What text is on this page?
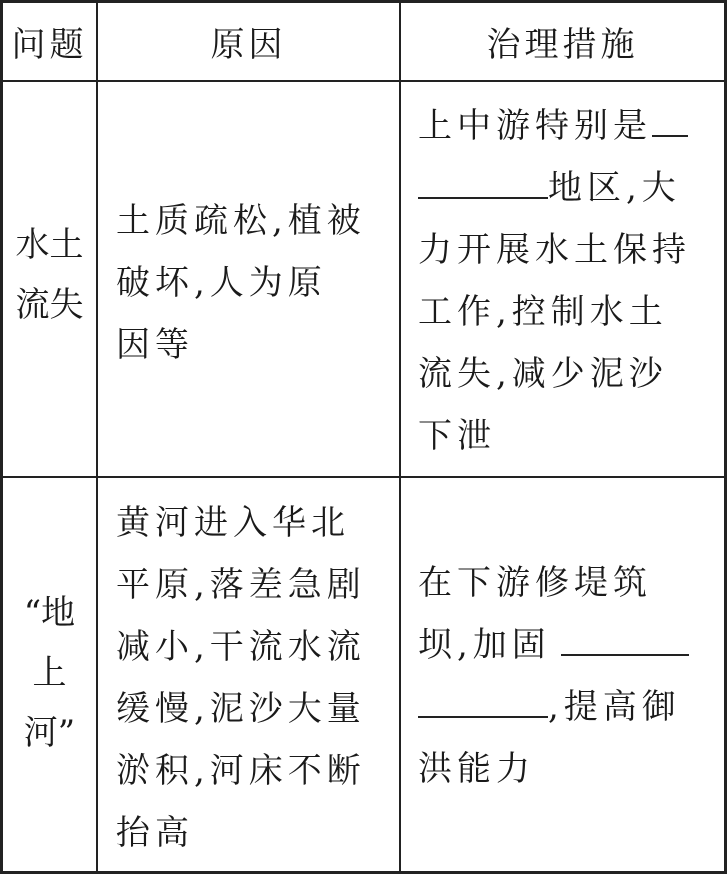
问题	原因	治理措施
水土
流失
土质疏松,植被
破坏,人为原
因等
上中游特别是
地区,大
力开展水土保持
工作,控制水土
流失,减少泥沙
下泄
“地
上
河”
黄河进入华北
平原,落差急剧
减小,干流水流
缓慢,泥沙大量
淤积,河床不断
抬高
在下游修堤筑
坝,加固
,提高御
洪能力
